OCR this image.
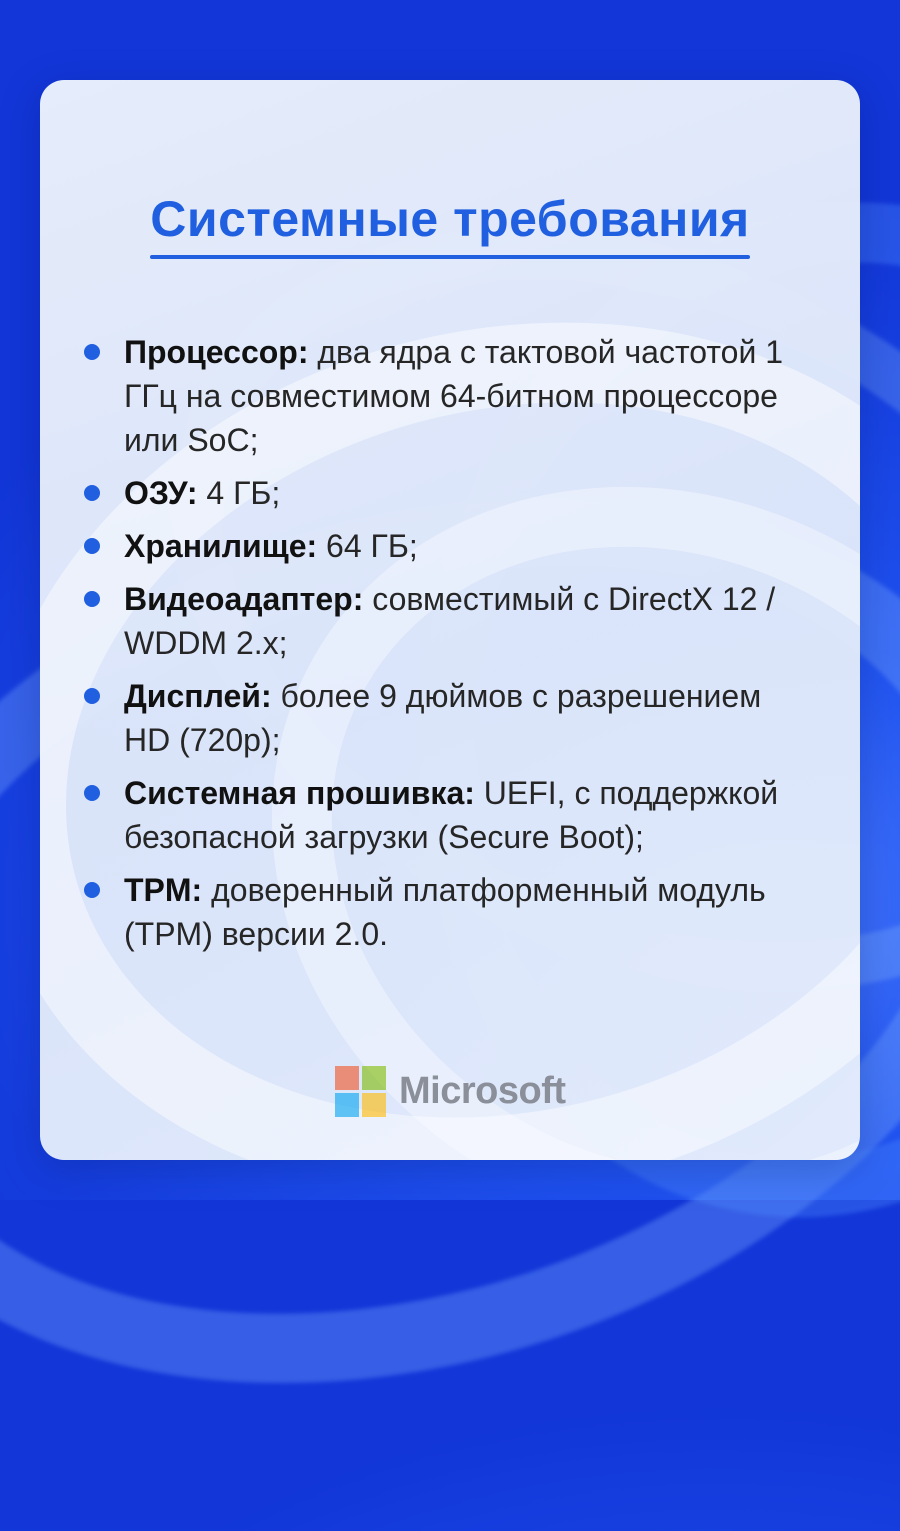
Системные требования
Процессор: два ядра с тактовой частотой 1 ГГц на совместимом 64-битном процессоре или SoC;
ОЗУ: 4 ГБ;
Хранилище: 64 ГБ;
Видеоадаптер: совместимый с DirectX 12 / WDDM 2.x;
Дисплей: более 9 дюймов с разрешением HD (720p);
Системная прошивка: UEFI, с поддержкой безопасной загрузки (Secure Boot);
TPM: доверенный платформенный модуль (TPM) версии 2.0.
Microsoft
